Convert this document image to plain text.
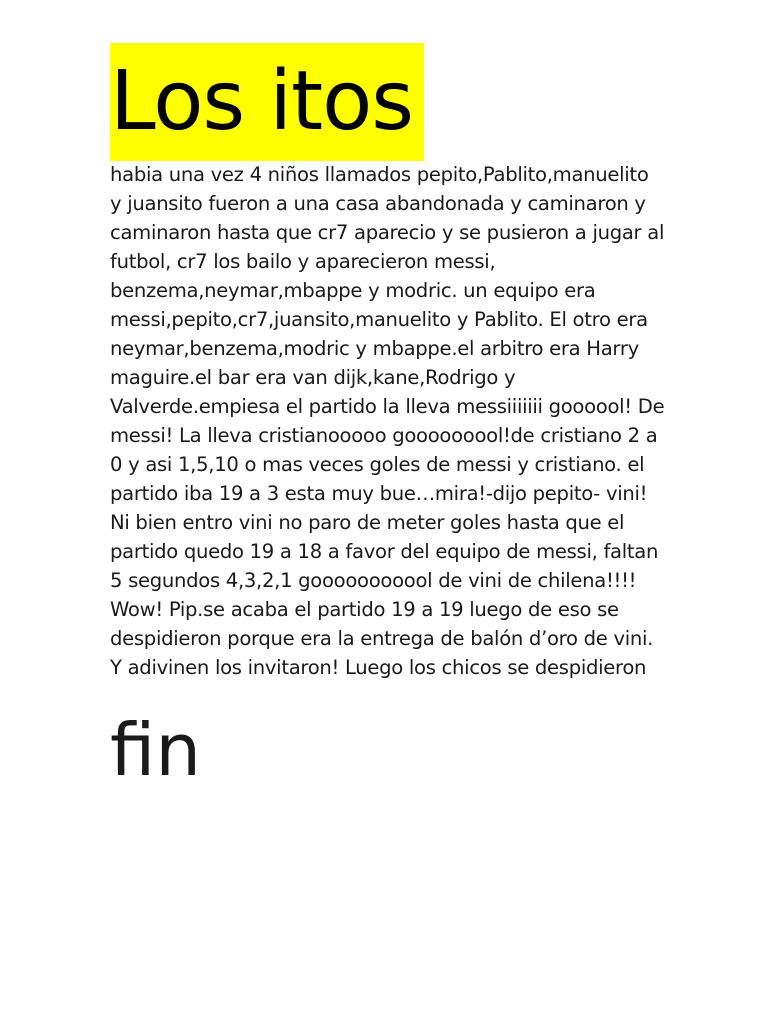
Los itos

habia una vez 4 niños llamados pepito,Pablito,manuelito
y juansito fueron a una casa abandonada y caminaron y
caminaron hasta que cr7 aparecio y se pusieron a jugar al
futbol, cr7 los bailo y aparecieron messi,
benzema,neymar,mbappe y modric. un equipo era
messi,pepito,cr7,juansito,manuelito y Pablito. El otro era
neymar,benzema,modric y mbappe.el arbitro era Harry
maguire.el bar era van dijk,kane,Rodrigo y
Valverde.empiesa el partido la lleva messiiiiiii goooool! De
messi! La lleva cristianooooo gooooooool!de cristiano 2 a
0 y asi 1,5,10 o mas veces goles de messi y cristiano. el
partido iba 19 a 3 esta muy bue…mira!-dijo pepito- vini!
Ni bien entro vini no paro de meter goles hasta que el
partido quedo 19 a 18 a favor del equipo de messi, faltan
5 segundos 4,3,2,1 gooooooooool de vini de chilena!!!!
Wow! Pip.se acaba el partido 19 a 19 luego de eso se
despidieron porque era la entrega de balón d’oro de vini.
Y adivinen los invitaron! Luego los chicos se despidieron

fin
